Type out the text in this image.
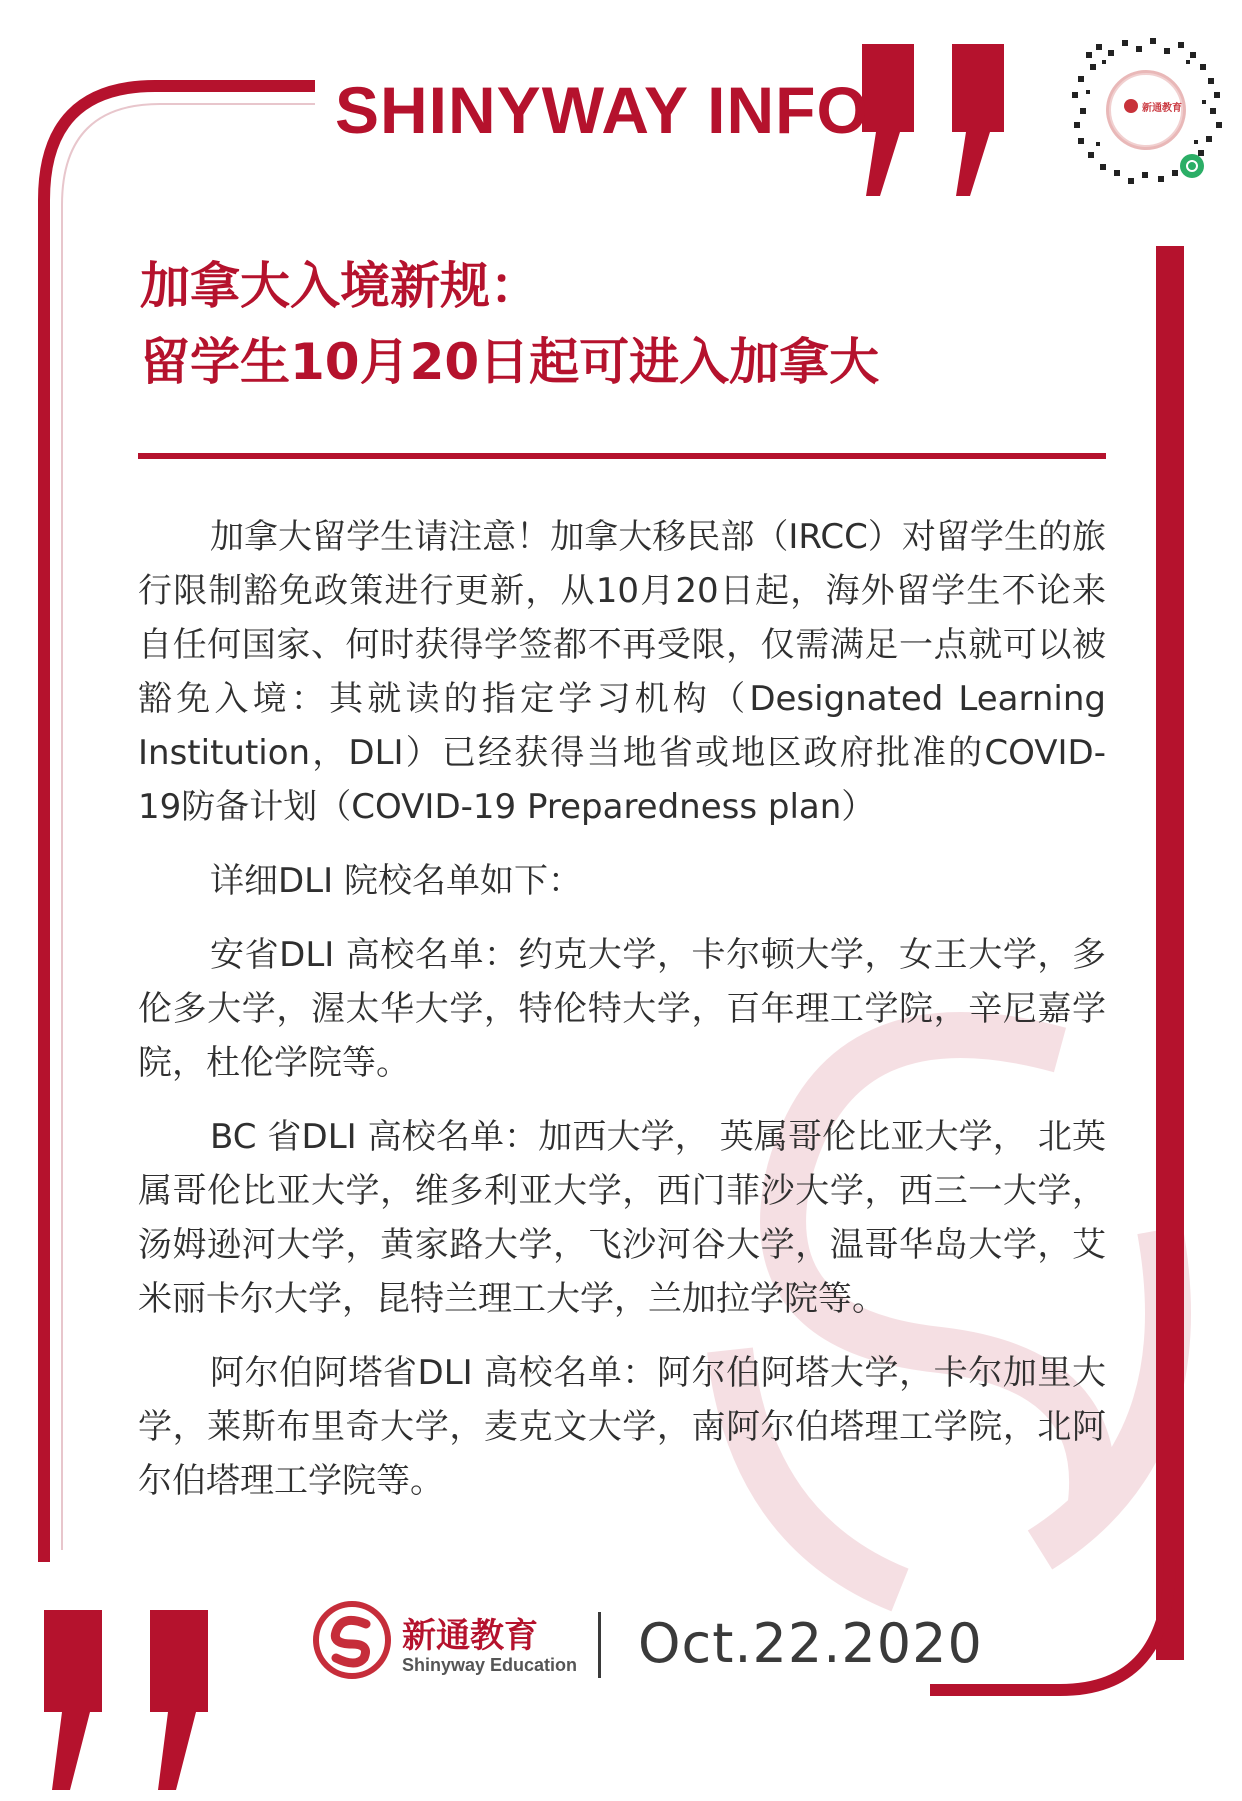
SHINYWAY INFO	新通教育
加拿大入境新规：
留学生10月20日起可进入加拿大

加拿大留学生请注意！加拿大移民部（IRCC）对留学生的旅行限制豁免政策进行更新，从10月20日起，海外留学生不论来自任何国家、何时获得学签都不再受限，仅需满足一点就可以被豁免入境：其就读的指定学习机构（Designated Learning Institution，DLI）已经获得当地省或地区政府批准的COVID-19防备计划（COVID-19 Preparedness plan）

详细DLI 院校名单如下：

安省DLI 高校名单：约克大学，卡尔顿大学，女王大学，多伦多大学，渥太华大学，特伦特大学，百年理工学院，辛尼嘉学院，杜伦学院等。

BC 省DLI 高校名单：加西大学， 英属哥伦比亚大学， 北英属哥伦比亚大学，维多利亚大学，西门菲沙大学，西三一大学，汤姆逊河大学，黄家路大学，飞沙河谷大学，温哥华岛大学，艾米丽卡尔大学，昆特兰理工大学，兰加拉学院等。

阿尔伯阿塔省DLI 高校名单：阿尔伯阿塔大学，卡尔加里大学，莱斯布里奇大学，麦克文大学，南阿尔伯塔理工学院，北阿尔伯塔理工学院等。

新通教育
Shinyway Education Oct.22.2020
